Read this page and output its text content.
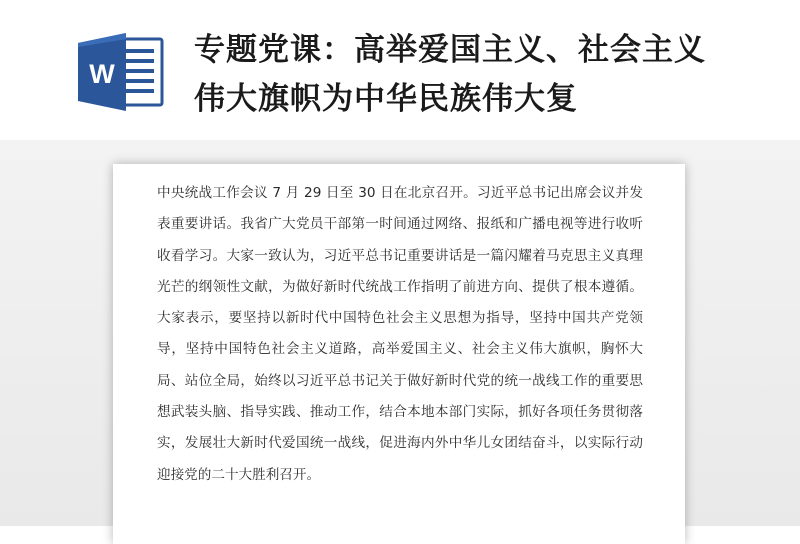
W
专题党课：高举爱国主义、社会主义伟大旗帜为中华民族伟大复

中央统战工作会议 7 月 29 日至 30 日在北京召开。习近平总书记出席会议并发表重要讲话。我省广大党员干部第一时间通过网络、报纸和广播电视等进行收听收看学习。大家一致认为，习近平总书记重要讲话是一篇闪耀着马克思主义真理光芒的纲领性文献，为做好新时代统战工作指明了前进方向、提供了根本遵循。大家表示，要坚持以新时代中国特色社会主义思想为指导，坚持中国共产党领导，坚持中国特色社会主义道路，高举爱国主义、社会主义伟大旗帜，胸怀大局、站位全局，始终以习近平总书记关于做好新时代党的统一战线工作的重要思想武装头脑、指导实践、推动工作，结合本地本部门实际，抓好各项任务贯彻落实，发展壮大新时代爱国统一战线，促进海内外中华儿女团结奋斗，以实际行动迎接党的二十大胜利召开。
